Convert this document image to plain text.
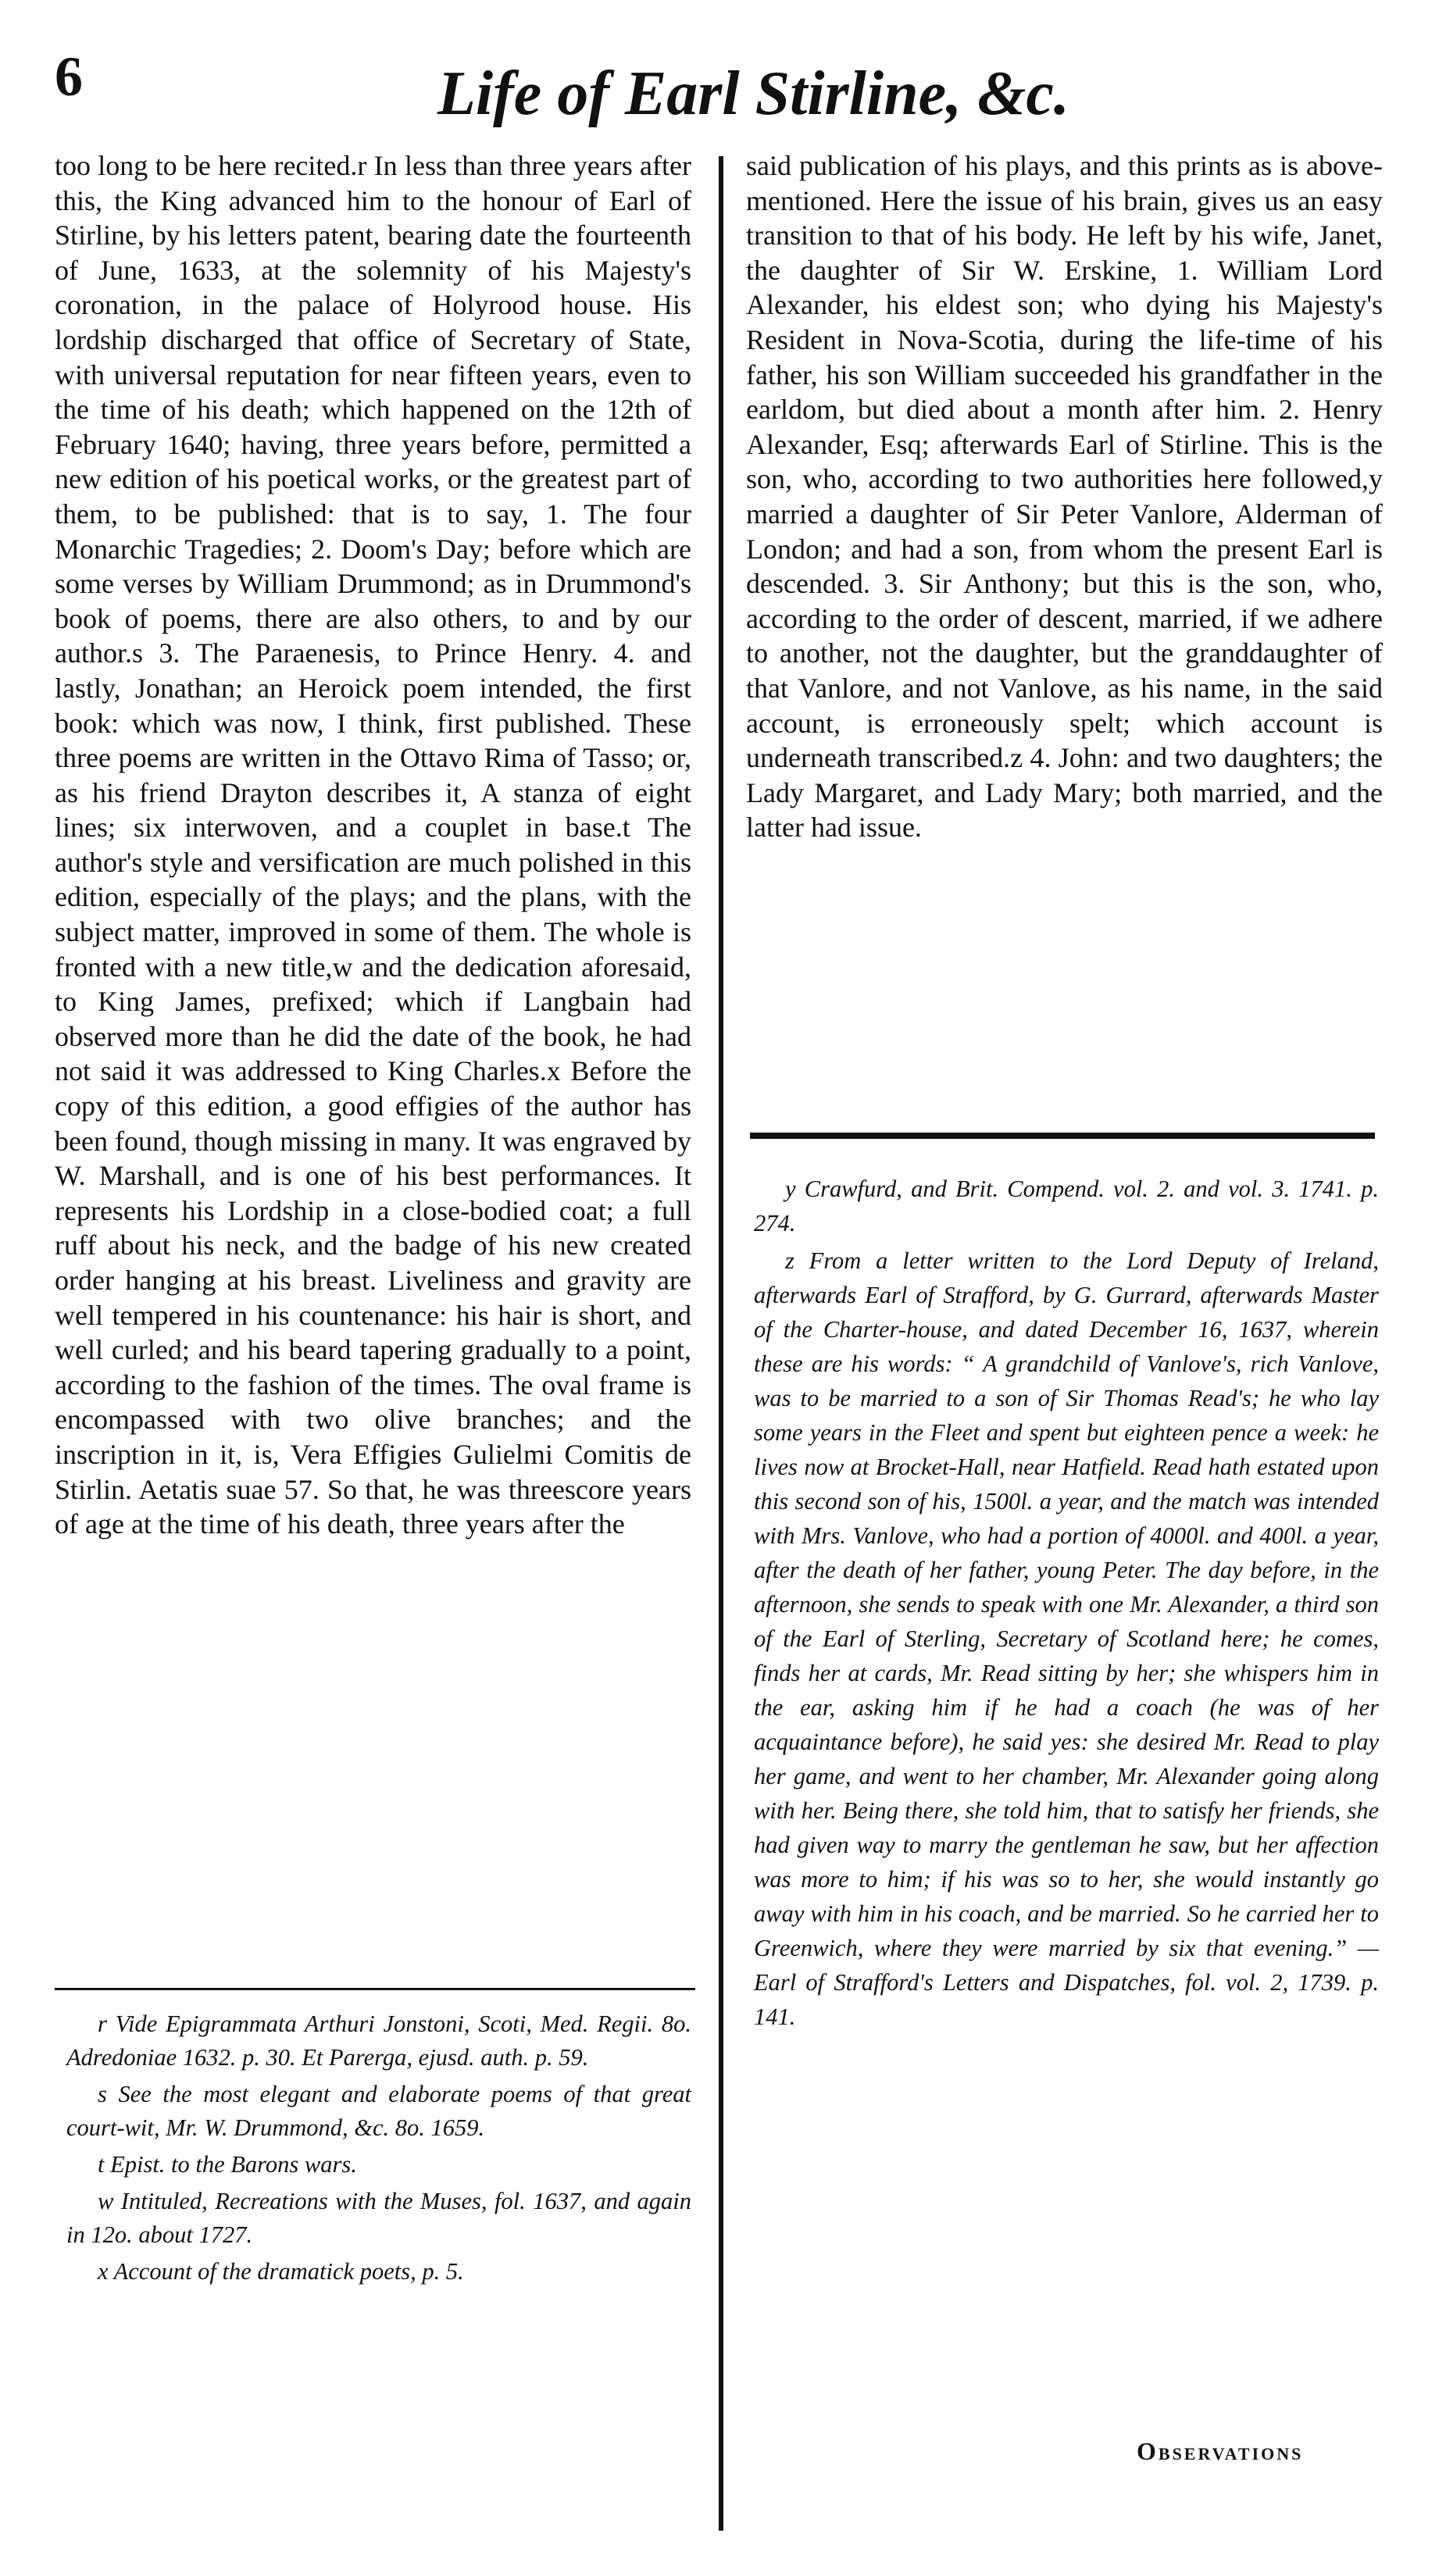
6	Life of Earl Stirline, &c.

too long to be here recited.r In less than three years after this, the King advanced him to the honour of Earl of Stirline, by his letters patent, bearing date the fourteenth of June, 1633, at the solemnity of his Majesty's coronation, in the palace of Holyrood house. His lordship discharged that office of Secretary of State, with universal reputation for near fifteen years, even to the time of his death; which happened on the 12th of February 1640; having, three years before, permitted a new edition of his poetical works, or the greatest part of them, to be published: that is to say, 1. The four Monarchic Tragedies; 2. Doom's Day; before which are some verses by William Drummond; as in Drummond's book of poems, there are also others, to and by our author.s 3. The Paraenesis, to Prince Henry. 4. and lastly, Jonathan; an Heroick poem intended, the first book: which was now, I think, first published. These three poems are written in the Ottavo Rima of Tasso; or, as his friend Drayton describes it, A stanza of eight lines; six interwoven, and a couplet in base.t The author's style and versification are much polished in this edition, especially of the plays; and the plans, with the subject matter, improved in some of them. The whole is fronted with a new title,w and the dedication aforesaid, to King James, prefixed; which if Langbain had observed more than he did the date of the book, he had not said it was addressed to King Charles.x Before the copy of this edition, a good effigies of the author has been found, though missing in many. It was engraved by W. Marshall, and is one of his best performances. It represents his Lordship in a close-bodied coat; a full ruff about his neck, and the badge of his new created order hanging at his breast. Liveliness and gravity are well tempered in his countenance: his hair is short, and well curled; and his beard tapering gradually to a point, according to the fashion of the times. The oval frame is encompassed with two olive branches; and the inscription in it, is, Vera Effigies Gulielmi Comitis de Stirlin. Aetatis suae 57. So that, he was threescore years of age at the time of his death, three years after the

said publication of his plays, and this prints as is above-mentioned. Here the issue of his brain, gives us an easy transition to that of his body. He left by his wife, Janet, the daughter of Sir W. Erskine, 1. William Lord Alexander, his eldest son; who dying his Majesty's Resident in Nova-Scotia, during the life-time of his father, his son William succeeded his grandfather in the earldom, but died about a month after him. 2. Henry Alexander, Esq; afterwards Earl of Stirline. This is the son, who, according to two authorities here followed,y married a daughter of Sir Peter Vanlore, Alderman of London; and had a son, from whom the present Earl is descended. 3. Sir Anthony; but this is the son, who, according to the order of descent, married, if we adhere to another, not the daughter, but the granddaughter of that Vanlore, and not Vanlove, as his name, in the said account, is erroneously spelt; which account is underneath transcribed.z 4. John: and two daughters; the Lady Margaret, and Lady Mary; both married, and the latter had issue.

y Crawfurd, and Brit. Compend. vol. 2. and vol. 3. 1741. p. 274.

z From a letter written to the Lord Deputy of Ireland, afterwards Earl of Strafford, by G. Gurrard, afterwards Master of the Charter-house, and dated December 16, 1637, wherein these are his words: “ A grandchild of Vanlove's, rich Vanlove, was to be married to a son of Sir Thomas Read's; he who lay some years in the Fleet and spent but eighteen pence a week: he lives now at Brocket-Hall, near Hatfield. Read hath estated upon this second son of his, 1500l. a year, and the match was intended with Mrs. Vanlove, who had a portion of 4000l. and 400l. a year, after the death of her father, young Peter. The day before, in the afternoon, she sends to speak with one Mr. Alexander, a third son of the Earl of Sterling, Secretary of Scotland here; he comes, finds her at cards, Mr. Read sitting by her; she whispers him in the ear, asking him if he had a coach (he was of her acquaintance before), he said yes: she desired Mr. Read to play her game, and went to her chamber, Mr. Alexander going along with her. Being there, she told him, that to satisfy her friends, she had given way to marry the gentleman he saw, but her affection was more to him; if his was so to her, she would instantly go away with him in his coach, and be married. So he carried her to Greenwich, where they were married by six that evening.” — Earl of Strafford's Letters and Dispatches, fol. vol. 2, 1739. p. 141.

r Vide Epigrammata Arthuri Jonstoni, Scoti, Med. Regii. 8o. Adredoniae 1632. p. 30. Et Parerga, ejusd. auth. p. 59.

s See the most elegant and elaborate poems of that great court-wit, Mr. W. Drummond, &c. 8o. 1659.

t Epist. to the Barons wars.

w Intituled, Recreations with the Muses, fol. 1637, and again in 12o. about 1727.

x Account of the dramatick poets, p. 5.

Observations
